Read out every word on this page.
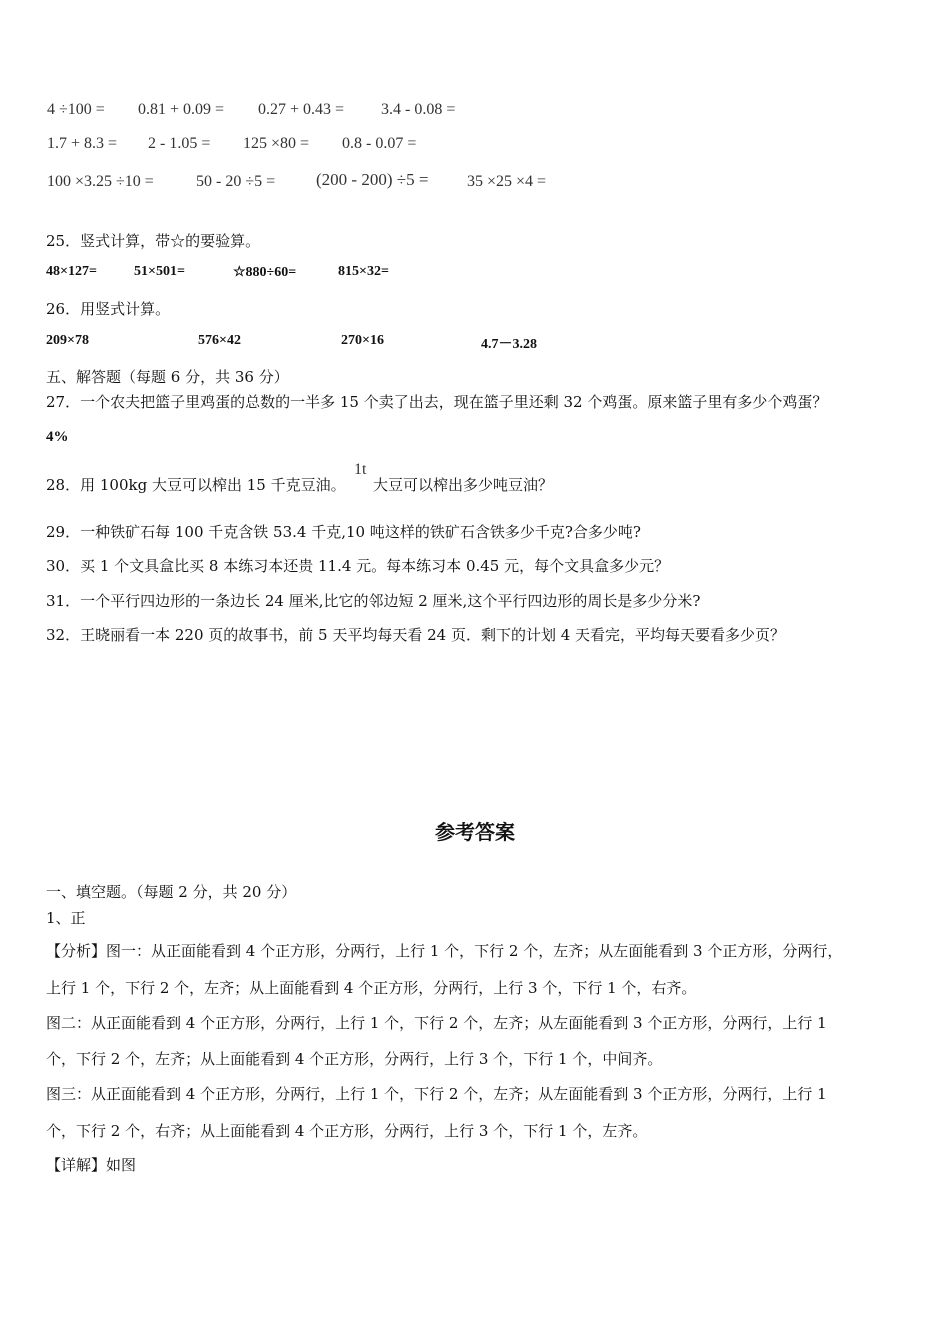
4 ÷100 = 0.81 + 0.09 = 0.27 + 0.43 = 3.4 - 0.08 =
1.7 + 8.3 = 2 - 1.05 = 125 ×80 = 0.8 - 0.07 =
100 ×3.25 ÷10 =	50 - 20 ÷5 = (200 - 200) ÷5 = 35 ×25 ×4 =
25．竖式计算，带☆的要验算。
48×127=	51×501=	☆880÷60=	815×32=
26．用竖式计算。
209×78	576×42	270×16	4.7－3.28
五、解答题（每题 6 分，共 36 分）
27．一个农夫把篮子里鸡蛋的总数的一半多 15 个卖了出去，现在篮子里还剩 32 个鸡蛋。原来篮子里有多少个鸡蛋？
4%
28．用 100kg 大豆可以榨出 15 千克豆油。
1t
大豆可以榨出多少吨豆油？
29．一种铁矿石每 100 千克含铁 53.4 千克,10 吨这样的铁矿石含铁多少千克?合多少吨?
30．买 1 个文具盒比买 8 本练习本还贵 11.4 元。每本练习本 0.45 元，每个文具盒多少元？
31．一个平行四边形的一条边长 24 厘米,比它的邻边短 2 厘米,这个平行四边形的周长是多少分米?
32．王晓丽看一本 220 页的故事书，前 5 天平均每天看 24 页．剩下的计划 4 天看完，平均每天要看多少页？
参考答案
一、填空题。（每题 2 分，共 20 分）
1、正
【分析】图一：从正面能看到 4 个正方形，分两行，上行 1 个，下行 2 个，左齐；从左面能看到 3 个正方形，分两行，
上行 1 个，下行 2 个，左齐；从上面能看到 4 个正方形，分两行，上行 3 个，下行 1 个，右齐。
图二：从正面能看到 4 个正方形，分两行，上行 1 个，下行 2 个，左齐；从左面能看到 3 个正方形，分两行，上行 1
个，下行 2 个，左齐；从上面能看到 4 个正方形，分两行，上行 3 个，下行 1 个，中间齐。
图三：从正面能看到 4 个正方形，分两行，上行 1 个，下行 2 个，左齐；从左面能看到 3 个正方形，分两行，上行 1
个，下行 2 个，右齐；从上面能看到 4 个正方形，分两行，上行 3 个，下行 1 个，左齐。
【详解】如图
